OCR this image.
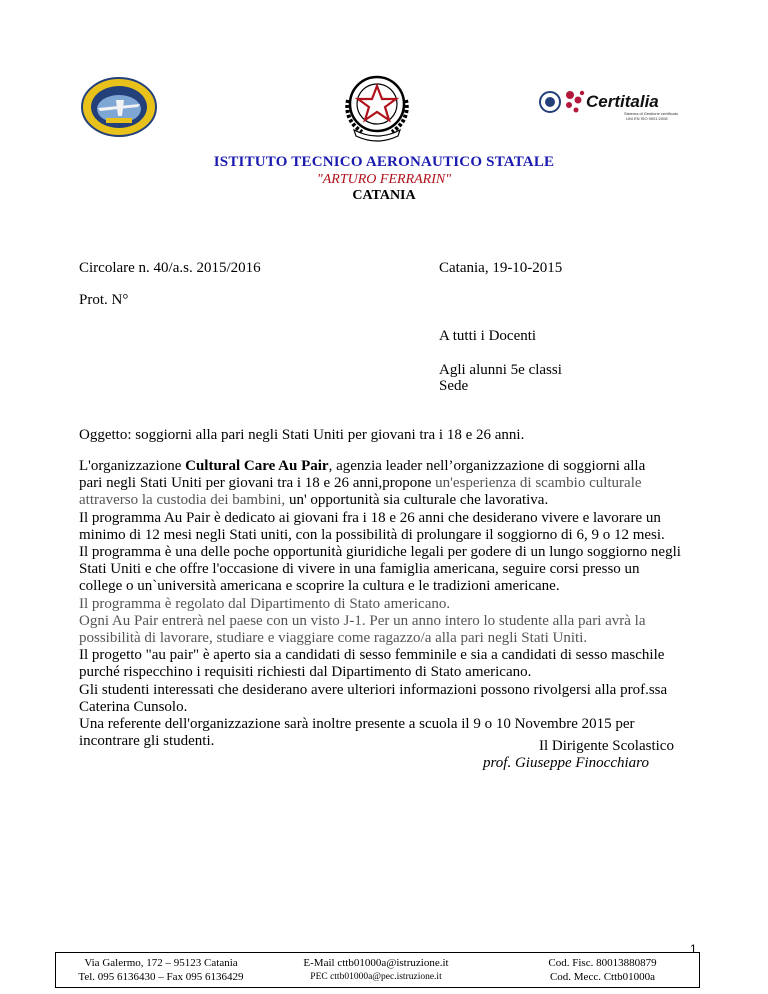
Certitalia
Sistema di Gestione certificato
UNI EN ISO 9001:2008
ISTITUTO TECNICO AERONAUTICO STATALE
"ARTURO FERRARIN"
CATANIA
Circolare n. 40/a.s. 2015/2016	Catania, 19-10-2015
Prot. N°
A tutti i Docenti
Agli alunni 5e classi
Sede
Oggetto: soggiorni alla pari negli Stati Uniti per giovani tra i 18 e 26 anni.

L'organizzazione Cultural Care Au Pair, agenzia leader nell’organizzazione di soggiorni alla

pari negli Stati Uniti per giovani tra i 18 e 26 anni,propone un'esperienza di scambio culturale

attraverso la custodia dei bambini, un' opportunità sia culturale che lavorativa.

Il programma Au Pair è dedicato ai giovani fra i 18 e 26 anni che desiderano vivere e lavorare un

minimo di 12 mesi negli Stati uniti, con la possibilità di prolungare il soggiorno di 6, 9 o 12 mesi.

Il programma è una delle poche opportunità giuridiche legali per godere di un lungo soggiorno negli

Stati Uniti e che offre l'occasione di vivere in una famiglia americana, seguire corsi presso un

college o un`università americana e scoprire la cultura e le tradizioni americane.

Il programma è regolato dal Dipartimento di Stato americano.

Ogni Au Pair entrerà nel paese con un visto J-1. Per un anno intero lo studente alla pari avrà la

possibilità di lavorare, studiare e viaggiare come ragazzo/a alla pari negli Stati Uniti.

Il progetto "au pair" è aperto sia a candidati di sesso femminile e sia a candidati di sesso maschile

purché rispecchino i requisiti richiesti dal Dipartimento di Stato americano.

Gli studenti interessati che desiderano avere ulteriori informazioni possono rivolgersi alla prof.ssa

Caterina Cunsolo.

Una referente dell'organizzazione sarà inoltre presente a scuola il 9 o 10 Novembre 2015 per

incontrare gli studenti.	Il Dirigente Scolastico
prof. Giuseppe Finocchiaro
1
Via Galermo, 172 – 95123 Catania
Tel. 095 6136430 – Fax 095 6136429
E-Mail cttb01000a@istruzione.it
PEC cttb01000a@pec.istruzione.it
Cod. Fisc. 80013880879
Cod. Mecc. Cttb01000a
